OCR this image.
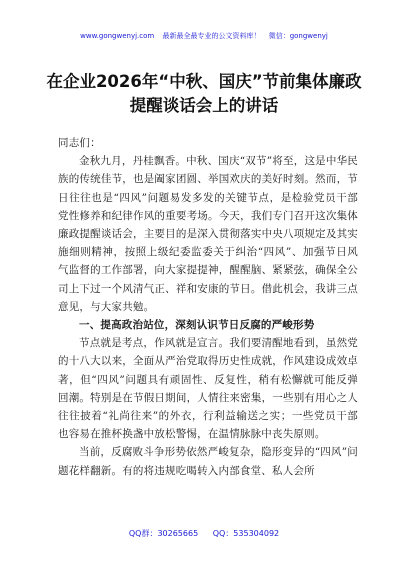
www.gongwenyj.com 最新最全最专业的公文资料库！ 微信：gongwenyj
在企业2026年“中秋、国庆”节前集体廉政提醒谈话会上的讲话

同志们：

金秋九月，丹桂飘香。中秋、国庆“双节”将至，这是中华民族的传统佳节，也是阖家团圆、举国欢庆的美好时刻。然而，节日往往也是“四风”问题易发多发的关键节点，是检验党员干部党性修养和纪律作风的重要考场。今天，我们专门召开这次集体廉政提醒谈话会，主要目的是深入贯彻落实中央八项规定及其实施细则精神，按照上级纪委监委关于纠治“四风”、加强节日风气监督的工作部署，向大家提提神，醒醒脑、紧紧弦，确保全公司上下过一个风清气正、祥和安康的节日。借此机会，我讲三点意见，与大家共勉。

一、提高政治站位，深刻认识节日反腐的严峻形势

节点就是考点，作风就是宣言。我们要清醒地看到，虽然党的十八大以来，全面从严治党取得历史性成就，作风建设成效卓著，但“四风”问题具有顽固性、反复性，稍有松懈就可能反弹回潮。特别是在节假日期间，人情往来密集，一些别有用心之人往往披着“礼尚往来”的外衣，行利益输送之实；一些党员干部也容易在推杯换盏中放松警惕，在温情脉脉中丧失原则。

当前，反腐败斗争形势依然严峻复杂，隐形变异的“四风”问题花样翻新。有的将违规吃喝转入内部食堂、私人会所

QQ群：30265665 QQ：535304092
